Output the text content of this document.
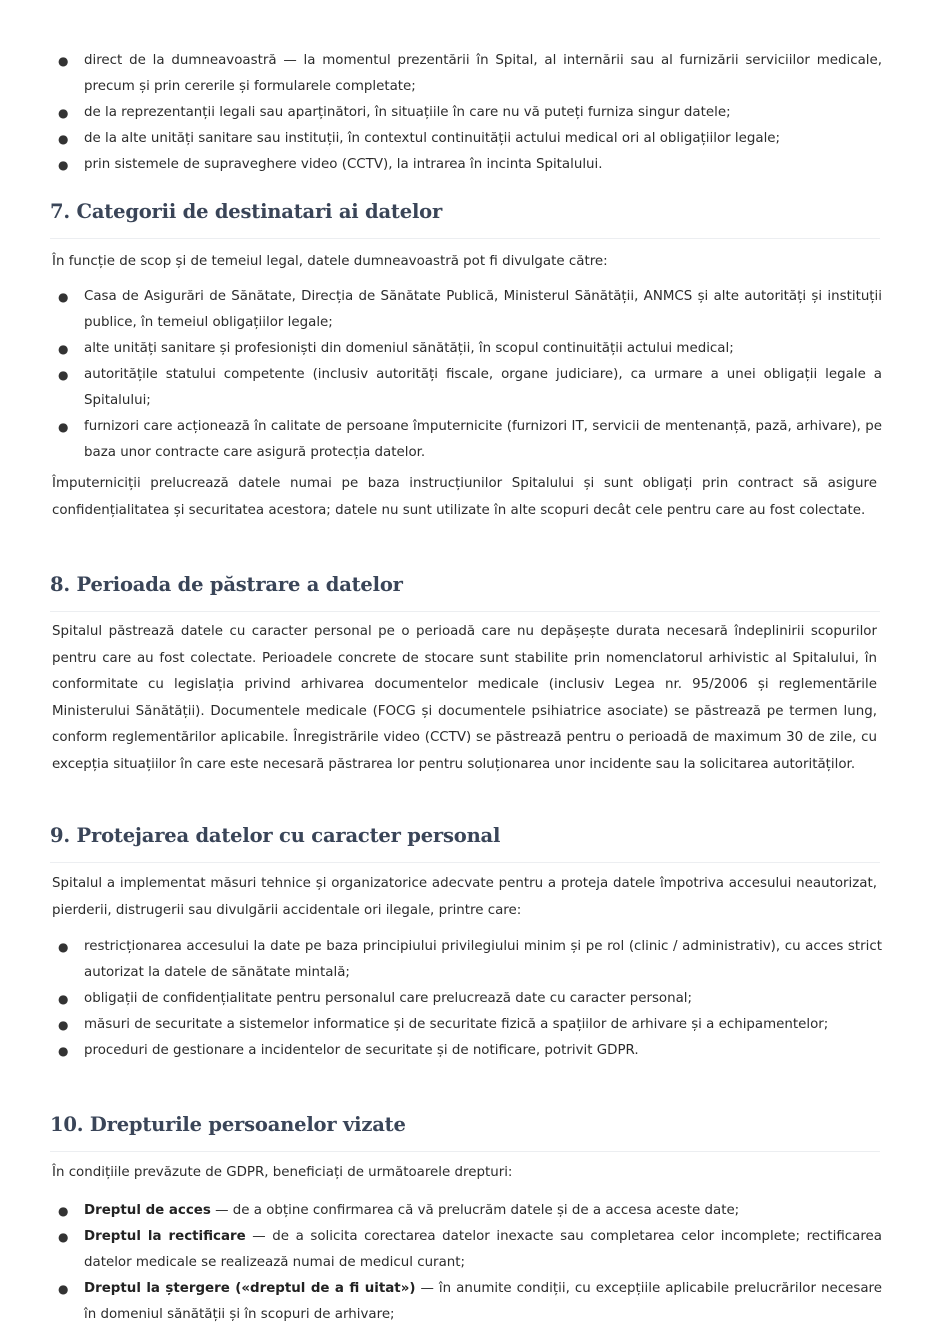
● direct de la dumneavoastră — la momentul prezentării în Spital, al internării sau al furnizării serviciilor medicale, precum și prin cererile și formularele completate;
● de la reprezentanții legali sau aparținători, în situațiile în care nu vă puteți furniza singur datele;
● de la alte unități sanitare sau instituții, în contextul continuității actului medical ori al obligațiilor legale;
● prin sistemele de supraveghere video (CCTV), la intrarea în incinta Spitalului.
7. Categorii de destinatari ai datelor

În funcție de scop și de temeiul legal, datele dumneavoastră pot fi divulgate către:

● Casa de Asigurări de Sănătate, Direcția de Sănătate Publică, Ministerul Sănătății, ANMCS și alte autorități și instituții publice, în temeiul obligațiilor legale;
● alte unități sanitare și profesioniști din domeniul sănătății, în scopul continuității actului medical;
● autoritățile statului competente (inclusiv autorități fiscale, organe judiciare), ca urmare a unei obligații legale a Spitalului;
● furnizori care acționează în calitate de persoane împuternicite (furnizori IT, servicii de mentenanță, pază, arhivare), pe baza unor contracte care asigură protecția datelor.

Împuterniciții prelucrează datele numai pe baza instrucțiunilor Spitalului și sunt obligați prin contract să asigure confidențialitatea și securitatea acestora; datele nu sunt utilizate în alte scopuri decât cele pentru care au fost colectate.

8. Perioada de păstrare a datelor

Spitalul păstrează datele cu caracter personal pe o perioadă care nu depășește durata necesară îndeplinirii scopurilor pentru care au fost colectate. Perioadele concrete de stocare sunt stabilite prin nomenclatorul arhivistic al Spitalului, în conformitate cu legislația privind arhivarea documentelor medicale (inclusiv Legea nr. 95/2006 și reglementările Ministerului Sănătății). Documentele medicale (FOCG și documentele psihiatrice asociate) se păstrează pe termen lung, conform reglementărilor aplicabile. Înregistrările video (CCTV) se păstrează pentru o perioadă de maximum 30 de zile, cu excepția situațiilor în care este necesară păstrarea lor pentru soluționarea unor incidente sau la solicitarea autorităților.

9. Protejarea datelor cu caracter personal

Spitalul a implementat măsuri tehnice și organizatorice adecvate pentru a proteja datele împotriva accesului neautorizat, pierderii, distrugerii sau divulgării accidentale ori ilegale, printre care:

● restricționarea accesului la date pe baza principiului privilegiului minim și pe rol (clinic / administrativ), cu acces strict autorizat la datele de sănătate mintală;
● obligații de confidențialitate pentru personalul care prelucrează date cu caracter personal;
● măsuri de securitate a sistemelor informatice și de securitate fizică a spațiilor de arhivare și a echipamentelor;
● proceduri de gestionare a incidentelor de securitate și de notificare, potrivit GDPR.
10. Drepturile persoanelor vizate

În condițiile prevăzute de GDPR, beneficiați de următoarele drepturi:

● Dreptul de acces — de a obține confirmarea că vă prelucrăm datele și de a accesa aceste date;
● Dreptul la rectificare — de a solicita corectarea datelor inexacte sau completarea celor incomplete; rectificarea datelor medicale se realizează numai de medicul curant;
● Dreptul la ștergere («dreptul de a fi uitat») — în anumite condiții, cu excepțiile aplicabile prelucrărilor necesare în domeniul sănătății și în scopuri de arhivare;
